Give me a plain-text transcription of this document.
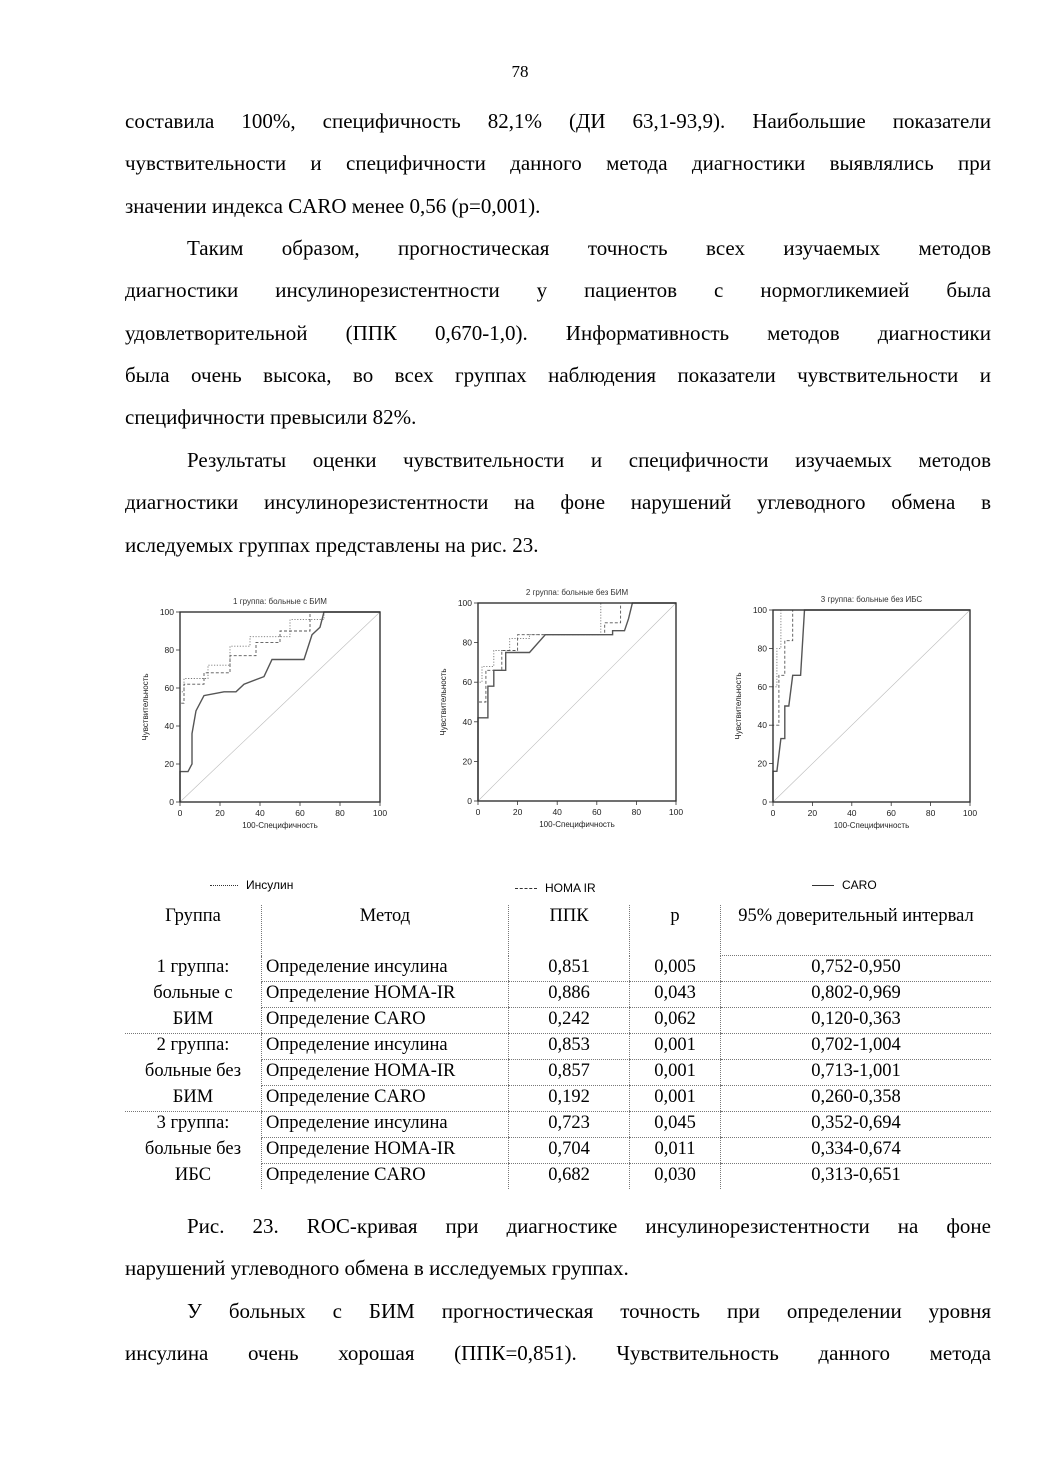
78
составила 100%, специфичность 82,1% (ДИ 63,1-93,9). Наибольшие показатели
чувствительности и специфичности данного метода диагностики выявлялись при
значении индекса CARO менее 0,56 (р=0,001).
Таким образом, прогностическая точность всех изучаемых методов
диагностики инсулинорезистентности у пациентов с нормогликемией была
удовлетворительной (ППК 0,670-1,0). Информативность методов диагностики
была очень высока, во всех группах наблюдения показатели чувствительности и
специфичности превысили 82%.
Результаты оценки чувствительности и специфичности изучаемых методов
диагностики инсулинорезистентности на фоне нарушений углеводного обмена в
иследуемых группах представлены на рис. 23.
1 группа: больные с БИМ
0
0
20
20
40
40
60
60
80
80
100
100
100-Специфичность
Чувствительность
2 группа: больные без БИМ
0
0
20
20
40
40
60
60
80
80
100
100
100-Специфичность
Чувствительность
3 группа: больные без ИБС
0
0
20
20
40
40
60
60
80
80
100
100
100-Специфичность
Чувствительность
Инсулин	HOMA IR	CARO
Группа	Метод	ППК	р	95% доверительный интервал
1 группа:	Определение инсулина	0,851	0,005	0,752-0,950
больные с	Определение HOMA-IR	0,886	0,043	0,802-0,969
БИМ	Определение CARO	0,242	0,062	0,120-0,363
2 группа:	Определение инсулина	0,853	0,001	0,702-1,004
больные без	Определение HOMA-IR	0,857	0,001	0,713-1,001
БИМ	Определение CARO	0,192	0,001	0,260-0,358
3 группа:	Определение инсулина	0,723	0,045	0,352-0,694
больные без	Определение HOMA-IR	0,704	0,011	0,334-0,674
ИБС	Определение CARO	0,682	0,030	0,313-0,651
Рис. 23. ROC-кривая при диагностике инсулинорезистентности на фоне
нарушений углеводного обмена в исследуемых группах.
У больных с БИМ прогностическая точность при определении уровня
инсулина очень хорошая (ППК=0,851). Чувствительность данного метода
